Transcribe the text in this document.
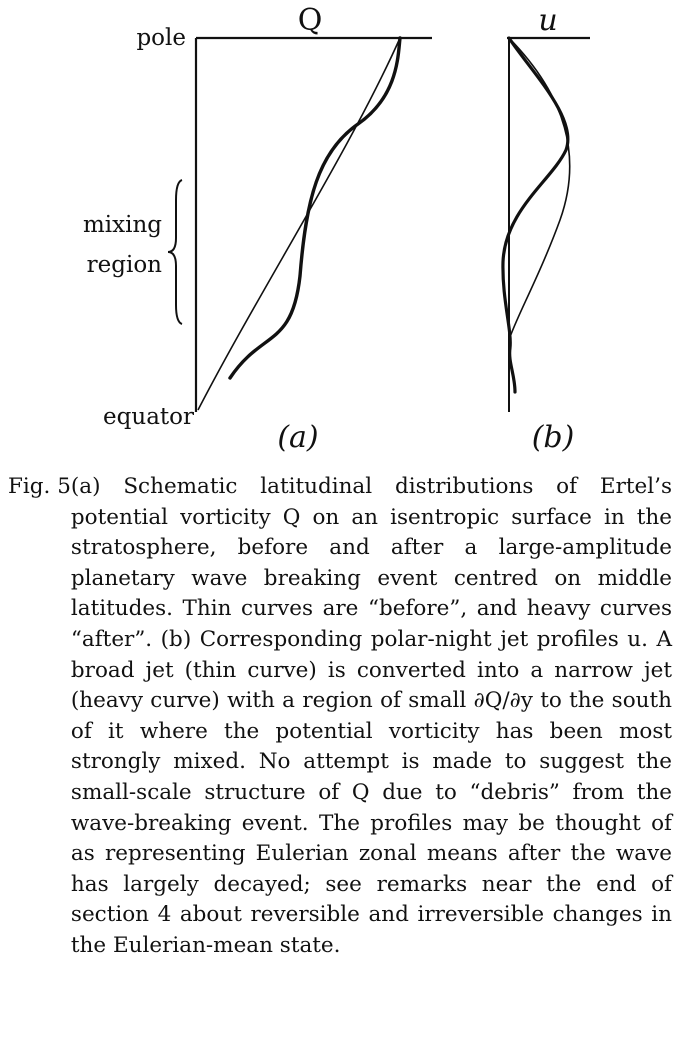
pole	Q
mixing
region
equator
(a)
u
(b)
Fig. 5 (a) Schematic latitudinal distributions of Ertel’s potential vorticity Q on an isentropic surface in the stratosphere, before and after a large-amplitude planetary wave breaking event centred on middle latitudes. Thin curves are “before”, and heavy curves “after”. (b) Corresponding polar-night jet profiles u. A broad jet (thin curve) is converted into a narrow jet (heavy curve) with a region of small ∂Q/∂y to the south of it where the potential vorticity has been most strongly mixed. No attempt is made to suggest the small-scale structure of Q due to “debris” from the wave-breaking event. The profiles may be thought of as representing Eulerian zonal means after the wave has largely decayed; see remarks near the end of section 4 about reversible and irreversible changes in the Eulerian-mean state.
